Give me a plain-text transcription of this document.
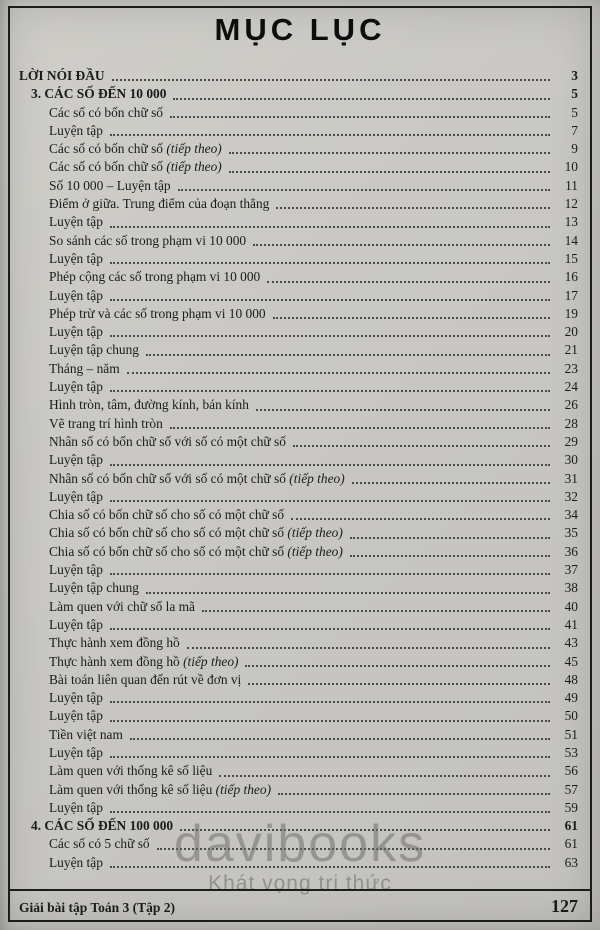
MỤC LỤC
LỜI NÓI ĐẦU	3
3. CÁC SỐ ĐẾN 10 000	5
Các số có bốn chữ số	5
Luyện tập	7
Các số có bốn chữ số (tiếp theo)	9
Các số có bốn chữ số (tiếp theo)	10
Số 10 000 – Luyện tập	11
Điểm ở giữa. Trung điểm của đoạn thẳng	12
Luyện tập	13
So sánh các số trong phạm vi 10 000	14
Luyện tập	15
Phép cộng các số trong phạm vi 10 000	16
Luyện tập	17
Phép trừ và các số trong phạm vi 10 000	19
Luyện tập	20
Luyện tập chung	21
Tháng – năm	23
Luyện tập	24
Hình tròn, tâm, đường kính, bán kính	26
Vẽ trang trí hình tròn	28
Nhân số có bốn chữ số với số có một chữ số	29
Luyện tập	30
Nhân số có bốn chữ số với số có một chữ số (tiếp theo)	31
Luyện tập	32
Chia số có bốn chữ số cho số có một chữ số	34
Chia số có bốn chữ số cho số có một chữ số (tiếp theo)	35
Chia số có bốn chữ số cho số có một chữ số (tiếp theo)	36
Luyện tập	37
Luyện tập chung	38
Làm quen với chữ số la mã	40
Luyện tập	41
Thực hành xem đồng hồ	43
Thực hành xem đồng hồ (tiếp theo)	45
Bài toán liên quan đến rút về đơn vị	48
Luyện tập	49
Luyện tập	50
Tiền việt nam	51
Luyện tập	53
Làm quen với thống kê số liệu	56
Làm quen với thống kê số liệu (tiếp theo)	57
Luyện tập	59
4. CÁC SỐ ĐẾN 100 000	61
Các số có 5 chữ số	61
Luyện tập	63
davibooks
Khát vọng tri thức
Giải bài tập Toán 3 (Tập 2)	127
